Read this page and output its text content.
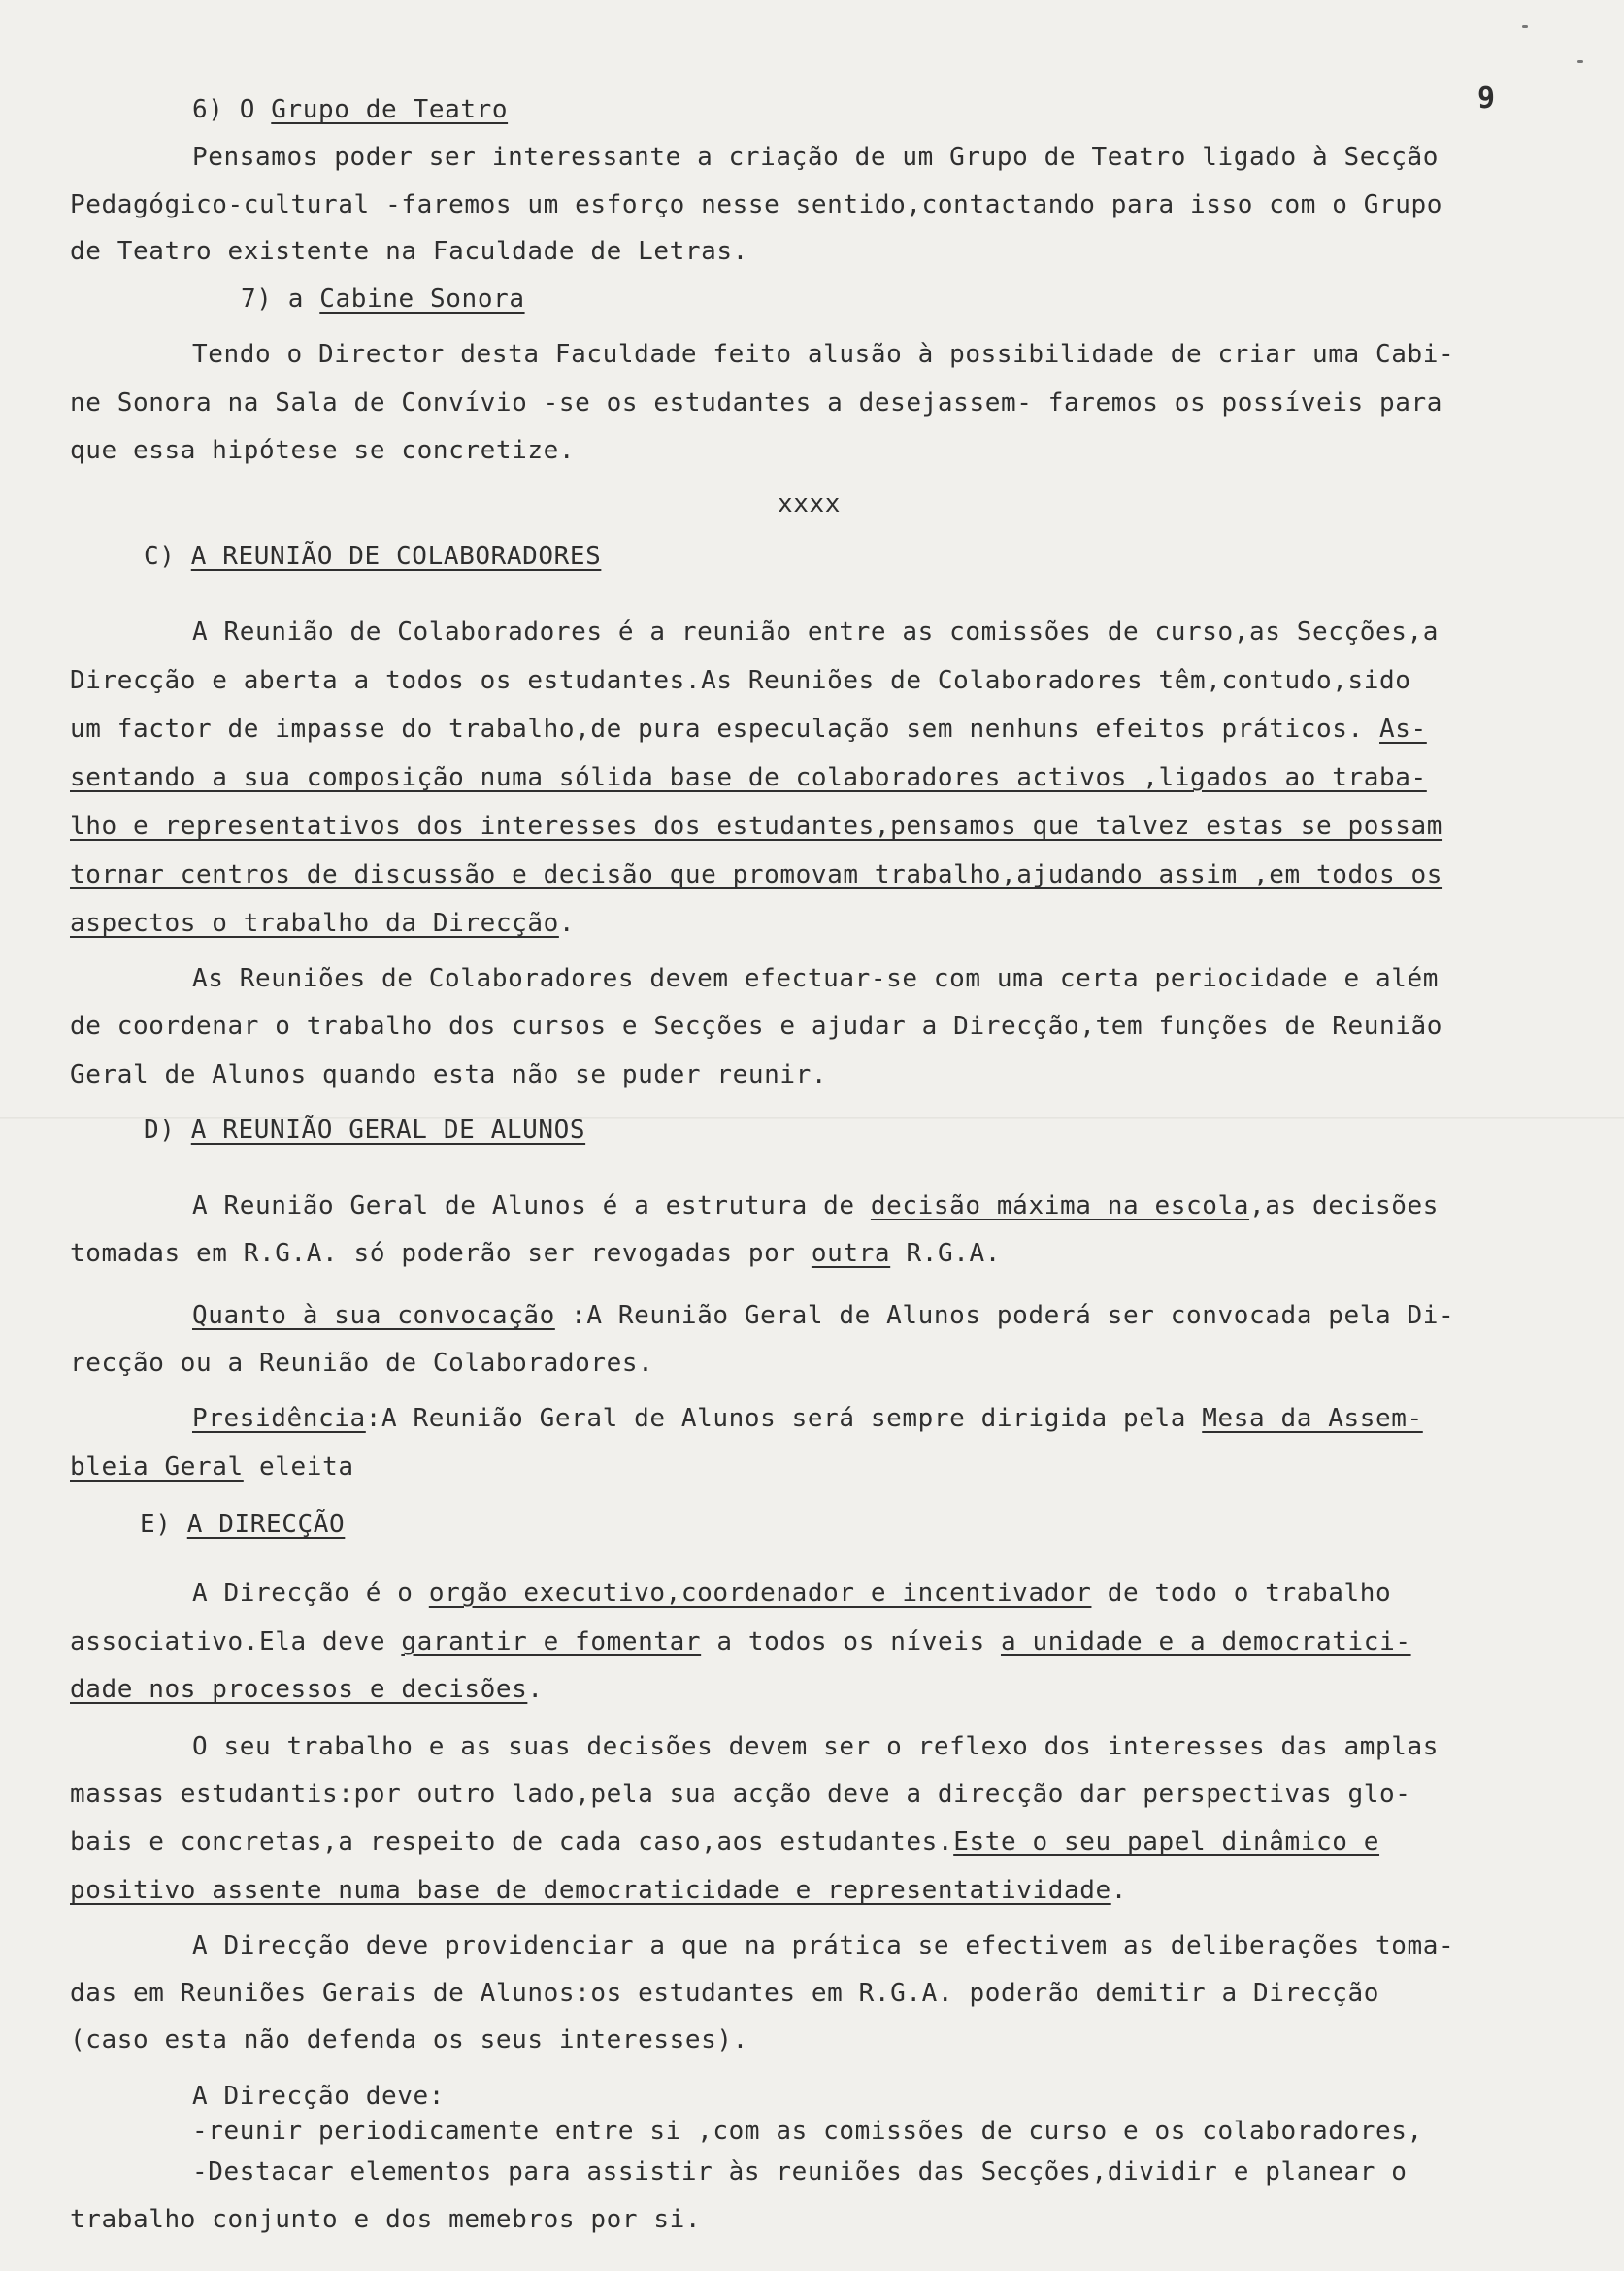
9
6) O Grupo de Teatro
Pensamos poder ser interessante a criação de um Grupo de Teatro ligado à Secção
Pedagógico-cultural -faremos um esforço nesse sentido,contactando para isso com o Grupo
de Teatro existente na Faculdade de Letras.
7) a Cabine Sonora
Tendo o Director desta Faculdade feito alusão à possibilidade de criar uma Cabi-
ne Sonora na Sala de Convívio -se os estudantes a desejassem- faremos os possíveis para
que essa hipótese se concretize.
xxxx
C) A REUNIÃO DE COLABORADORES
A Reunião de Colaboradores é a reunião entre as comissões de curso,as Secções,a
Direcção e aberta a todos os estudantes.As Reuniões de Colaboradores têm,contudo,sido
um factor de impasse do trabalho,de pura especulação sem nenhuns efeitos práticos. As-
sentando a sua composição numa sólida base de colaboradores activos ,ligados ao traba-
lho e representativos dos interesses dos estudantes,pensamos que talvez estas se possam
tornar centros de discussão e decisão que promovam trabalho,ajudando assim ,em todos os
aspectos o trabalho da Direcção.
As Reuniões de Colaboradores devem efectuar-se com uma certa periocidade e além
de coordenar o trabalho dos cursos e Secções e ajudar a Direcção,tem funções de Reunião
Geral de Alunos quando esta não se puder reunir.
D) A REUNIÃO GERAL DE ALUNOS
A Reunião Geral de Alunos é a estrutura de decisão máxima na escola,as decisões
tomadas em R.G.A. só poderão ser revogadas por outra R.G.A.
Quanto à sua convocação :A Reunião Geral de Alunos poderá ser convocada pela Di-
recção ou a Reunião de Colaboradores.
Presidência:A Reunião Geral de Alunos será sempre dirigida pela Mesa da Assem-
bleia Geral eleita
E) A DIRECÇÃO
A Direcção é o orgão executivo,coordenador e incentivador de todo o trabalho
associativo.Ela deve garantir e fomentar a todos os níveis a unidade e a democratici-
dade nos processos e decisões.
O seu trabalho e as suas decisões devem ser o reflexo dos interesses das amplas
massas estudantis:por outro lado,pela sua acção deve a direcção dar perspectivas glo-
bais e concretas,a respeito de cada caso,aos estudantes.Este o seu papel dinâmico e
positivo assente numa base de democraticidade e representatividade.
A Direcção deve providenciar a que na prática se efectivem as deliberações toma-
das em Reuniões Gerais de Alunos:os estudantes em R.G.A. poderão demitir a Direcção
(caso esta não defenda os seus interesses).
A Direcção deve:
-reunir periodicamente entre si ,com as comissões de curso e os colaboradores,
-Destacar elementos para assistir às reuniões das Secções,dividir e planear o
trabalho conjunto e dos memebros por si.
